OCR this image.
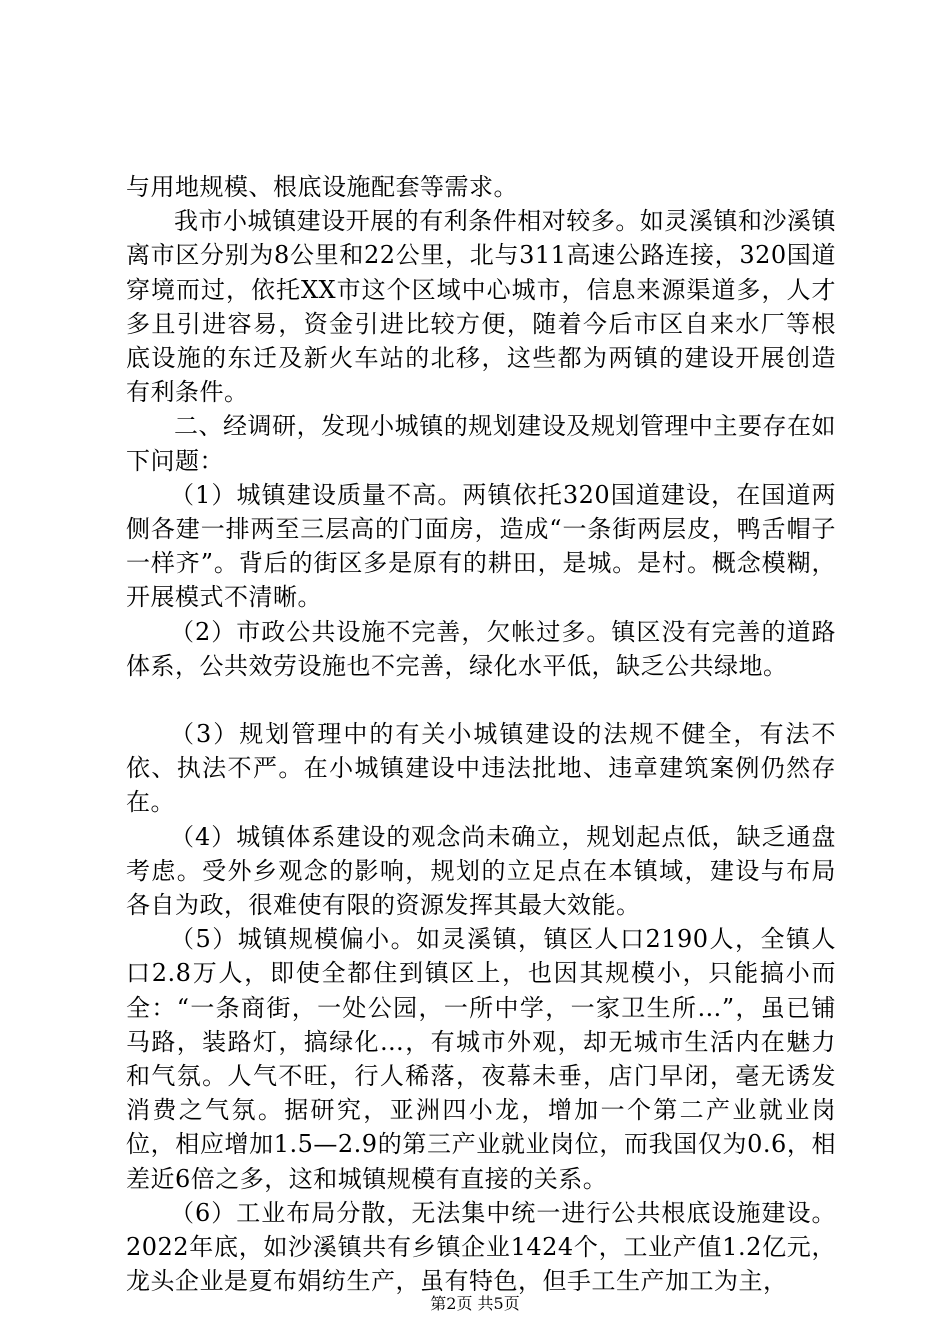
与用地规模、根底设施配套等需求。

我市小城镇建设开展的有利条件相对较多。如灵溪镇和沙溪镇离市区分别为8公里和22公里，北与311高速公路连接，320国道穿境而过，依托XX市这个区域中心城市，信息来源渠道多，人才多且引进容易，资金引进比较方便，随着今后市区自来水厂等根底设施的东迁及新火车站的北移，这些都为两镇的建设开展创造有利条件。

二、经调研，发现小城镇的规划建设及规划管理中主要存在如下问题：

（1）城镇建设质量不高。两镇依托320国道建设，在国道两侧各建一排两至三层高的门面房，造成“一条街两层皮，鸭舌帽子一样齐”。背后的街区多是原有的耕田，是城。是村。概念模糊，开展模式不清晰。

（2）市政公共设施不完善，欠帐过多。镇区没有完善的道路体系，公共效劳设施也不完善，绿化水平低，缺乏公共绿地。

（3）规划管理中的有关小城镇建设的法规不健全，有法不依、执法不严。在小城镇建设中违法批地、违章建筑案例仍然存在。

（4）城镇体系建设的观念尚未确立，规划起点低，缺乏通盘考虑。受外乡观念的影响，规划的立足点在本镇域，建设与布局各自为政，很难使有限的资源发挥其最大效能。

（5）城镇规模偏小。如灵溪镇，镇区人口2190人，全镇人口2.8万人，即使全都住到镇区上，也因其规模小，只能搞小而全：“一条商街，一处公园，一所中学，一家卫生所…”，虽已铺马路，装路灯，搞绿化…，有城市外观，却无城市生活内在魅力和气氛。人气不旺，行人稀落，夜幕未垂，店门早闭，毫无诱发消费之气氛。据研究，亚洲四小龙，增加一个第二产业就业岗位，相应增加1.5—2.9的第三产业就业岗位，而我国仅为0.6，相差近6倍之多，这和城镇规模有直接的关系。

（6）工业布局分散，无法集中统一进行公共根底设施建设。2022年底，如沙溪镇共有乡镇企业1424个，工业产值1.2亿元，龙头企业是夏布娟纺生产，虽有特色，但手工生产加工为主，

第2页 共5页
